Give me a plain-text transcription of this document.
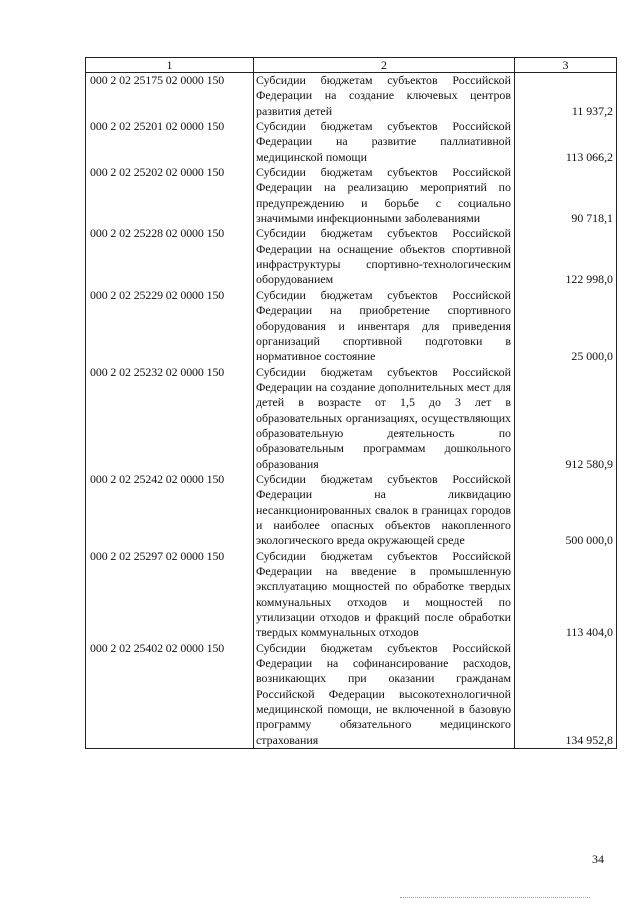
1	2	3
000 2 02 25175 02 0000 150	Субсидии бюджетам субъектов Российской Федерации на создание ключевых центров развития детей	11 937,2
000 2 02 25201 02 0000 150	Субсидии бюджетам субъектов Российской Федерации на развитие паллиативной медицинской помощи	113 066,2
000 2 02 25202 02 0000 150	Субсидии бюджетам субъектов Российской Федерации на реализацию мероприятий по предупреждению и борьбе с социально значимыми инфекционными заболеваниями	90 718,1
000 2 02 25228 02 0000 150	Субсидии бюджетам субъектов Российской Федерации на оснащение объектов спортивной инфраструктуры спортивно-технологическим оборудованием	122 998,0
000 2 02 25229 02 0000 150	Субсидии бюджетам субъектов Российской Федерации на приобретение спортивного оборудования и инвентаря для приведения организаций спортивной подготовки в нормативное состояние	25 000,0
000 2 02 25232 02 0000 150	Субсидии бюджетам субъектов Российской Федерации на создание дополнительных мест для детей в возрасте от 1,5 до 3 лет в образовательных организациях, осуществляющих образовательную деятельность по образовательным программам дошкольного образования	912 580,9
000 2 02 25242 02 0000 150	Субсидии бюджетам субъектов Российской Федерации на ликвидацию несанкционированных свалок в границах городов и наиболее опасных объектов накопленного экологического вреда окружающей среде	500 000,0
000 2 02 25297 02 0000 150	Субсидии бюджетам субъектов Российской Федерации на введение в промышленную эксплуатацию мощностей по обработке твердых коммунальных отходов и мощностей по утилизации отходов и фракций после обработки твердых коммунальных отходов	113 404,0
000 2 02 25402 02 0000 150	Субсидии бюджетам субъектов Российской Федерации на софинансирование расходов, возникающих при оказании гражданам Российской Федерации высокотехнологичной медицинской помощи, не включенной в базовую программу обязательного медицинского страхования	134 952,8
34
